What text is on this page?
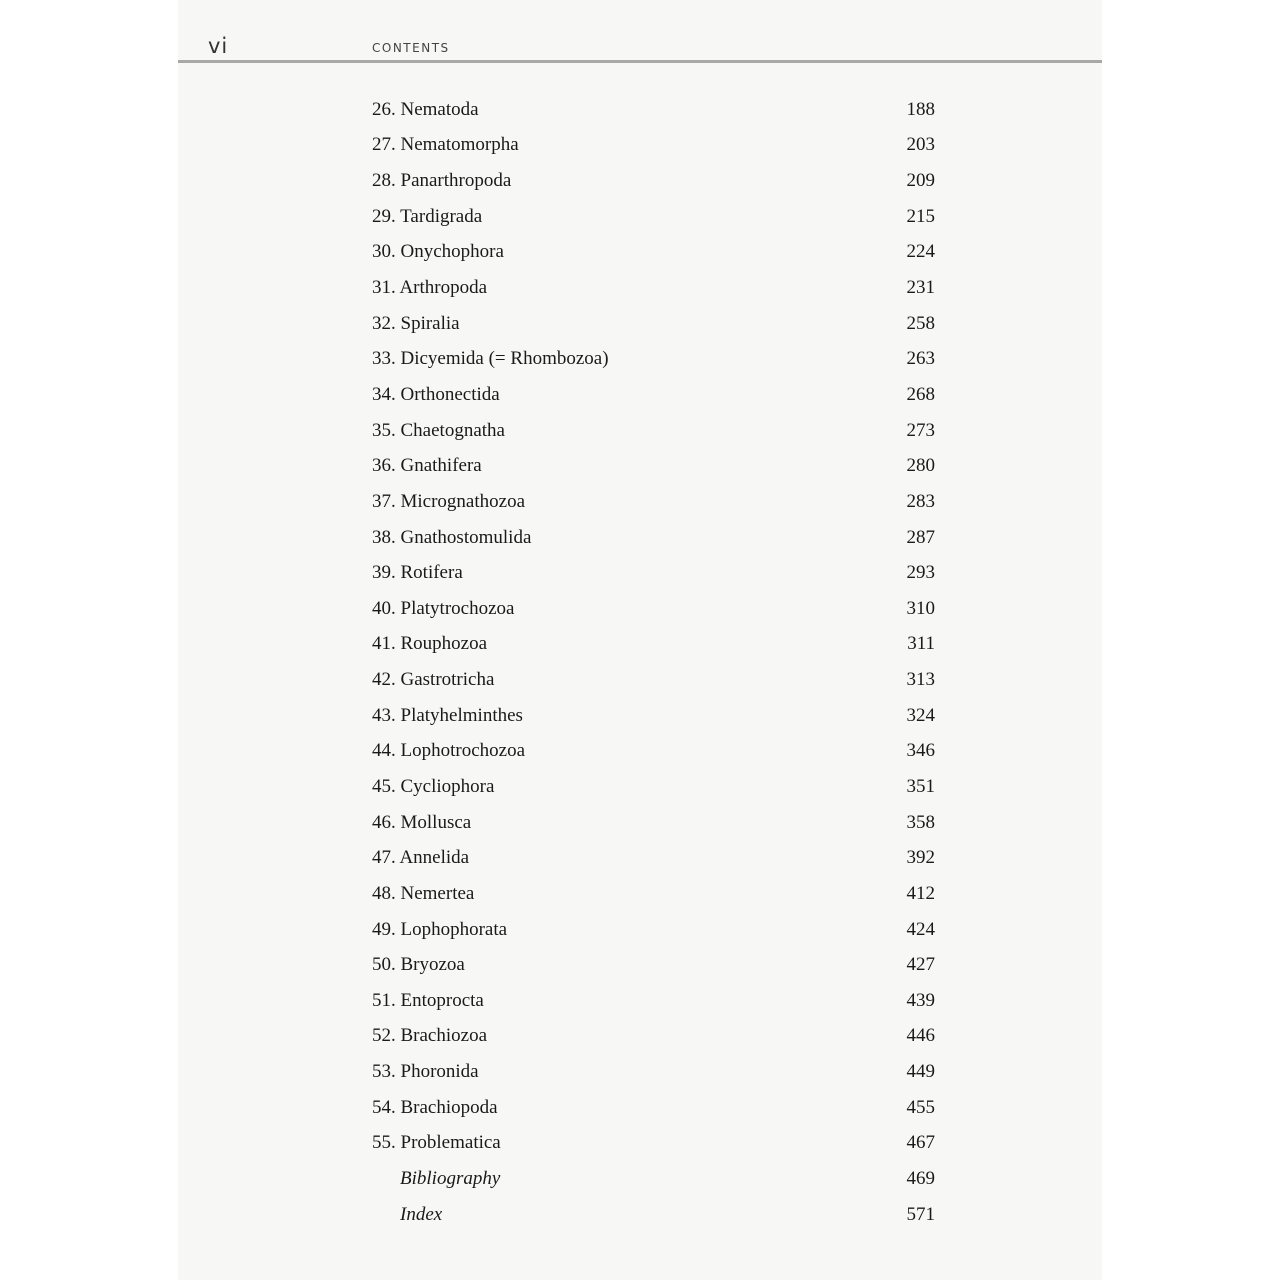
vi	CONTENTS
26. Nematoda	188
27. Nematomorpha	203
28. Panarthropoda	209
29. Tardigrada	215
30. Onychophora	224
31. Arthropoda	231
32. Spiralia	258
33. Dicyemida (= Rhombozoa)	263
34. Orthonectida	268
35. Chaetognatha	273
36. Gnathifera	280
37. Micrognathozoa	283
38. Gnathostomulida	287
39. Rotifera	293
40. Platytrochozoa	310
41. Rouphozoa	311
42. Gastrotricha	313
43. Platyhelminthes	324
44. Lophotrochozoa	346
45. Cycliophora	351
46. Mollusca	358
47. Annelida	392
48. Nemertea	412
49. Lophophorata	424
50. Bryozoa	427
51. Entoprocta	439
52. Brachiozoa	446
53. Phoronida	449
54. Brachiopoda	455
55. Problematica	467
Bibliography	469
Index	571
